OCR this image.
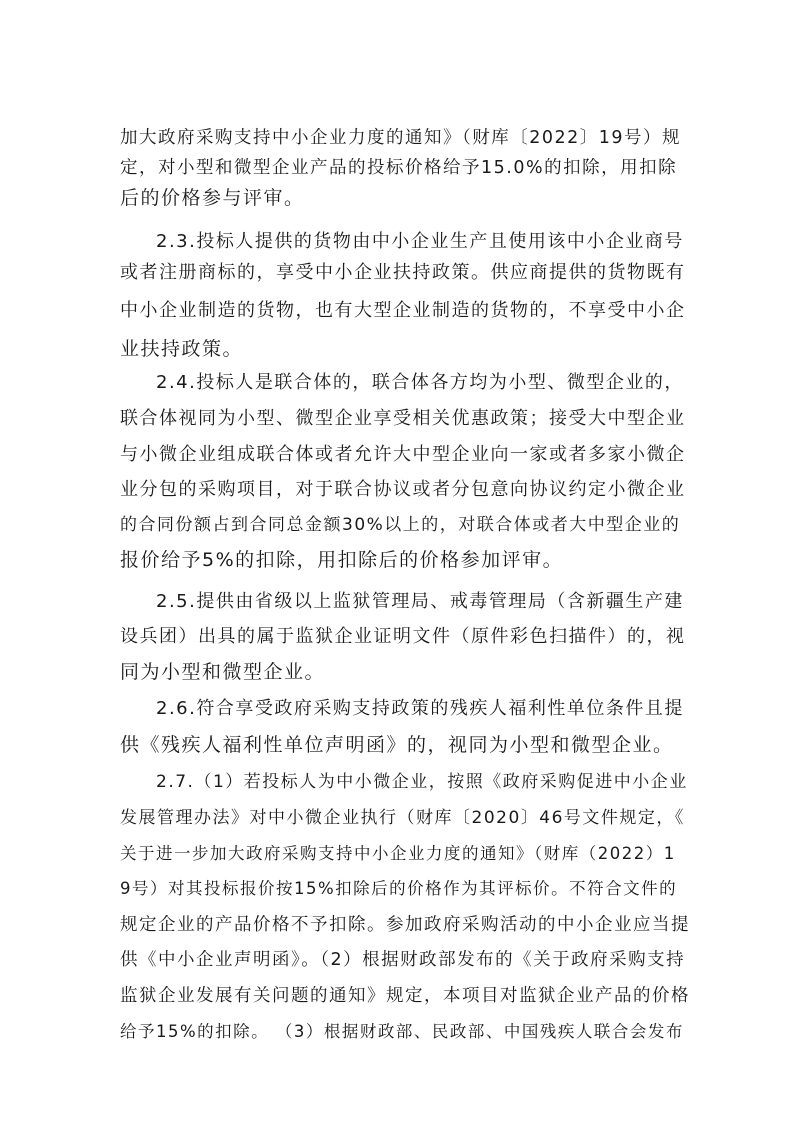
加大政府采购支持中小企业力度的通知》（财库〔2022〕19号）规
定，对小型和微型企业产品的投标价格给予15.0%的扣除，用扣除
后的价格参与评审。
2.3.投标人提供的货物由中小企业生产且使用该中小企业商号
或者注册商标的，享受中小企业扶持政策。供应商提供的货物既有
中小企业制造的货物，也有大型企业制造的货物的，不享受中小企
业扶持政策。
2.4.投标人是联合体的，联合体各方均为小型、微型企业的，
联合体视同为小型、微型企业享受相关优惠政策；接受大中型企业
与小微企业组成联合体或者允许大中型企业向一家或者多家小微企
业分包的采购项目，对于联合协议或者分包意向协议约定小微企业
的合同份额占到合同总金额30%以上的，对联合体或者大中型企业的
报价给予5%的扣除，用扣除后的价格参加评审。
2.5.提供由省级以上监狱管理局、戒毒管理局（含新疆生产建
设兵团）出具的属于监狱企业证明文件（原件彩色扫描件）的，视
同为小型和微型企业。
2.6.符合享受政府采购支持政策的残疾人福利性单位条件且提
供《残疾人福利性单位声明函》的，视同为小型和微型企业。
2.7.（1）若投标人为中小微企业，按照《政府采购促进中小企业
发展管理办法》对中小微企业执行（财库〔2020〕46号文件规定，《
关于进一步加大政府采购支持中小企业力度的通知》（财库（2022）1
9号）对其投标报价按15%扣除后的价格作为其评标价。不符合文件的
规定企业的产品价格不予扣除。参加政府采购活动的中小企业应当提
供《中小企业声明函》。（2）根据财政部发布的《关于政府采购支持
监狱企业发展有关问题的通知》规定，本项目对监狱企业产品的价格
给予15%的扣除。 （3）根据财政部、民政部、中国残疾人联合会发布
